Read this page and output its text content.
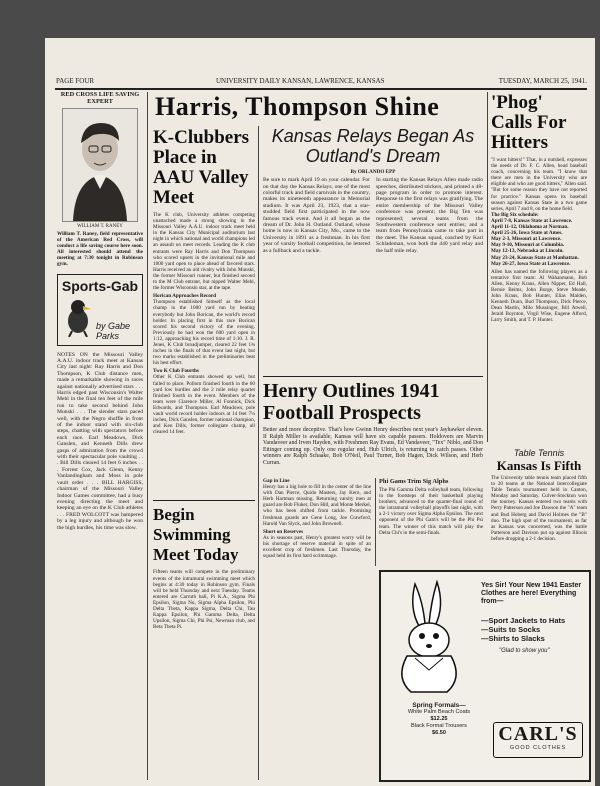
PAGE FOUR	UNIVERSITY DAILY KANSAN, LAWRENCE, KANSAS	TUESDAY, MARCH 25, 1941.
RED CROSS LIFE SAVING EXPERT
WILLIAM T. RANEY
William T. Raney, field representative of the American Red Cross, will conduct a life saving course here soon. All interested should attend the meeting at 7:30 tonight in Robinson gym.
Sports-Gab
by Gabe Parks
NOTES ON the Missouri Valley A.A.U. indoor track meet at Kansas City last night: Ray Harris and Don Thompson, K Club distance men, made a remarkable showing in races against nationally advertised stars . . . Harris edged past Wisconsin's Walter Mehl in the final ten feet of the mile run to take second behind John Munski . . . The slender stars paced well, with the Negro shuffle in front of the indoor stand with six-club steps, chatting with spectators before each race. Earl Meadows, Dick Ganslen, and Kenneth Dills drew gasps of admiration from the crowd with their spectacular pole vaulting . . . Bill Dills cleared 14 feet 6 inches . . . Forrest Cox, Jack Glenn, Kenny Vanlandingham and Moss in pole vault order . . . BILL HARGISS, chairman of the Missouri Valley Indoor Games committee, had a busy evening directing the meet and keeping an eye on the K Club athletes . . . FRED WOLCOTT was hampered by a leg injury and although he won the high hurdles, his time was slow.
Harris, Thompson Shine
K-Clubbers Place in AAU Valley Meet
The K club, University athletes competing unattached made a strong showing in the Missouri Valley A.A.U. indoor track meet held in the Kansas City Municipal auditorium last night in which national and world champions led an assault on meet records. Leading the K club entrants were Ray Harris and Don Thompson who scored upsets in the invitational mile and 1000 yard open to place ahead of favored stars. Harris received an old rivalry with John Munski, the former Missouri runner, but finished second to the M Club entrant, but nipped Walter Mehl, the former Wisconsin star, at the tape.
Horican Approaches Record
Thompson established himself as the local champ in the 1000 yard run by beating everybody but John Borican, the world's record holder. In placing first in this race Borican scored his second victory of the evening. Previously he had won the 600 yard open in 1:12, approaching his record time of 1:10. J. R. Jenes, K Club broadjumper, cleared 22 feet 1¾ inches in the finals of that event last night, but two marks established in the preliminaries beat his best effort.
Two K Club Fourths
Other K Club entrants showed up well, but failed to place. Pollom finished fourth in the 60 yard low hurdles and the 2 mile relay quartet finished fourth in the event. Members of the team were Clarence Miller, Al Fonnick, Dick Edwards, and Thompson. Earl Meadows, pole vault world record holder indoors at 14 feet 7¼ inches, Dick Ganslen, former national champion, and Ken Dills, former collegiate champ, all cleared 14 feet.
Begin Swimming Meet Today
Fifteen teams will compete in the preliminary events of the intramural swimming meet which begins at 4:30 today in Robinson gym. Finals will be held Thursday and next Tuesday. Teams entered are Carruth hall, Pi K.A., Sigma Phi Epsilon, Sigma Nu, Sigma Alpha Epsilon, Phi Delta Theta, Kappa Sigma, Delta Chi, Tau Kappa Epsilon, Phi Gamma Delta, Delta Upsilon, Sigma Chi, Phi Psi, Newman club, and Beta Theta Pi.
Kansas Relays Began As Outland's Dream
By ORLANDO EPP
Be sure to mark April 19 on your calendar. For on that day the Kansas Relays, one of the most colorful track and field carnivals in the country, makes its nineteenth appearance in Memorial stadium. It was April 23, 1923, that a star-studded field first participated in the now famous track event. And it all began as the dream of Dr. John H. Outland. Outland, whose home is now in Kansas City, Mo., came to the University in 1891 as a freshman. In his first year of varsity football competition, he lettered as a fullback and a tackle.
In starting the Kansas Relays Allen made radio speeches, distributed stickers, and printed a 48-page program in order to promote interest. Response to the first relays was gratifying. The entire membership of the Missouri Valley conference was present; the Big Ten was represented; several teams from the Southwestern conference sent entries; and a team from Pennsylvania came to take part in the meet. The Kansas squad, coached by Karl Schlademan, won both the 440 yard relay and the half mile relay.
Henry Outlines 1941 Football Prospects
Better and more deceptive. That's how Gwinn Henry describes next year's Jayhawker eleven. If Ralph Miller is available, Kansas will have six capable passers. Holdovers are Marvin Vandaveer and Irven Hayden, with Freshmen Ray Evans, Ed Vandaveer, "Tex" Niblo, and Don Ettinger coming up. Only one regular end, Hub Ulrich, is returning to catch passes. Other winners are Ralph Schaake, Bob O'Neil, Paul Turner, Bob Hagen, Dick Wilson, and Herb Curran.
Gap in Line
Henry has a big hole to fill in the center of the line with Dan Pierce, Quido Masters, Jay Kern, and Herb Hartman missing. Returning varsity men at guard are Bob Fluker, Don Hill, and Monte Merkel, who has been shifted from tackle. Promising freshman guards are Gene Long, Joe Crawford, Harold Van Slyck, and John Brownell.
Short on Reserves
As in seasons past, Henry's greatest worry will be his shortage of reserve material in spite of an excellent crop of freshmen. Last Thursday, the squad held its first hard scrimmage.
Phi Gams Trim Sig Alphs
The Phi Gamma Delta volleyball team, following in the footsteps of their basketball playing brothers, advanced to the quarter-final round of the intramural volleyball playoffs last night, with a 2-1 victory over Sigma Alpha Epsilon. The next opponent of the Phi Gam's will be the Phi Psi team. The winner of this match will play the Delta Chi's in the semi-finals.
'Phog' Calls For Hitters
"I want hitters!" That, in a nutshell, expresses the needs of Dr. F. C. Allen, head baseball coach, concerning his team. "I know that there are men in the University who are eligible and who are good hitters," Allen said. "But for some reason they have not reported for practice." Kansas opens its baseball season against Kansas State in a two game series, April 7 and 8, on the home field.
The Big Six schedule:
April 7-8, Kansas State at Lawrence.
April 11-12, Oklahoma at Norman.
April 25-26, Iowa State at Ames.
May 2-3, Missouri at Lawrence.
May 9-10, Missouri at Columbia.
May 12-13, Nebraska at Lincoln.
May 23-24, Kansas State at Manhattan.
May 26-27, Iowa State at Lawrence.
Allen has named the following players as a tentative first team: Al Wahanmann, Bob Allen, Kenny Kraus, Allen Nipper, Ed Hall, Bernie Beims, John Burge, Steve Meade, John Kraus, Bob Hunter, Elias Malden, Kenneth Dunn, Bud Thompson, Dick Pierce, Dean Martin, Milo Mussinger, Bill Atwell, Jerald Boynton, Virgil Wise, Eugene Alford, Larry Smith, and T. P. Hunter.
Table Tennis
Kansas Is Fifth
The University table tennis team placed fifth to 20 teams at the National Intercollegiate Table Tennis tournament held in Canton, Monday and Saturday. Culver-Stockton won the tourney. Kansas entered two teams with Perry Patterson and Joe Dawson the "A" team and Bud Hoberg and David Holmes the "B" duo. The high spot of the tournament, as far as Kansas was concerned, was the battle Patterson and Davison put up against Illinois before dropping a 2-1 decision.
Yes Sir! Your New 1941 Easter Clothes are here! Everything from—
—Sport Jackets to Hats
—Suits to Socks
—Shirts to Slacks
"Glad to show you"
Spring Formals—
White Palm Beach Coats
$12.25
Black Formal Trousers
$6.50	CARL'S
GOOD CLOTHES
